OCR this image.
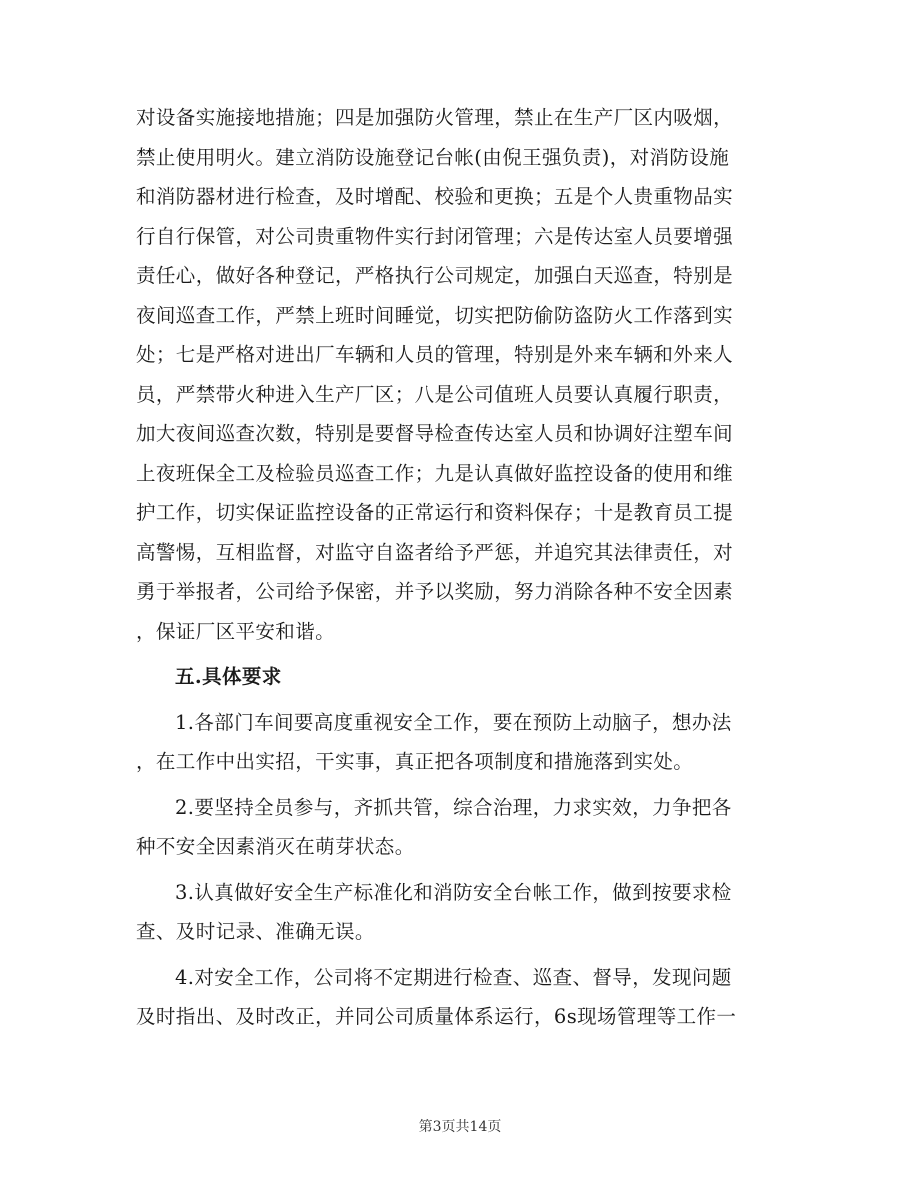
对设备实施接地措施；四是加强防火管理，禁止在生产厂区内吸烟，
禁止使用明火。建立消防设施登记台帐(由倪王强负责)，对消防设施
和消防器材进行检查，及时增配、校验和更换；五是个人贵重物品实
行自行保管，对公司贵重物件实行封闭管理；六是传达室人员要增强
责任心，做好各种登记，严格执行公司规定，加强白天巡查，特别是
夜间巡查工作，严禁上班时间睡觉，切实把防偷防盗防火工作落到实
处；七是严格对进出厂车辆和人员的管理，特别是外来车辆和外来人
员，严禁带火种进入生产厂区；八是公司值班人员要认真履行职责，
加大夜间巡查次数，特别是要督导检查传达室人员和协调好注塑车间
上夜班保全工及检验员巡查工作；九是认真做好监控设备的使用和维
护工作，切实保证监控设备的正常运行和资料保存；十是教育员工提
高警惕，互相监督，对监守自盗者给予严惩，并追究其法律责任，对
勇于举报者，公司给予保密，并予以奖励，努力消除各种不安全因素
，保证厂区平安和谐。
五.具体要求
1.各部门车间要高度重视安全工作，要在预防上动脑子，想办法
，在工作中出实招，干实事，真正把各项制度和措施落到实处。
2.要坚持全员参与，齐抓共管，综合治理，力求实效，力争把各
种不安全因素消灭在萌芽状态。
3.认真做好安全生产标准化和消防安全台帐工作，做到按要求检
查、及时记录、准确无误。
4.对安全工作，公司将不定期进行检查、巡查、督导，发现问题
及时指出、及时改正，并同公司质量体系运行，6s现场管理等工作一
第3页共14页
